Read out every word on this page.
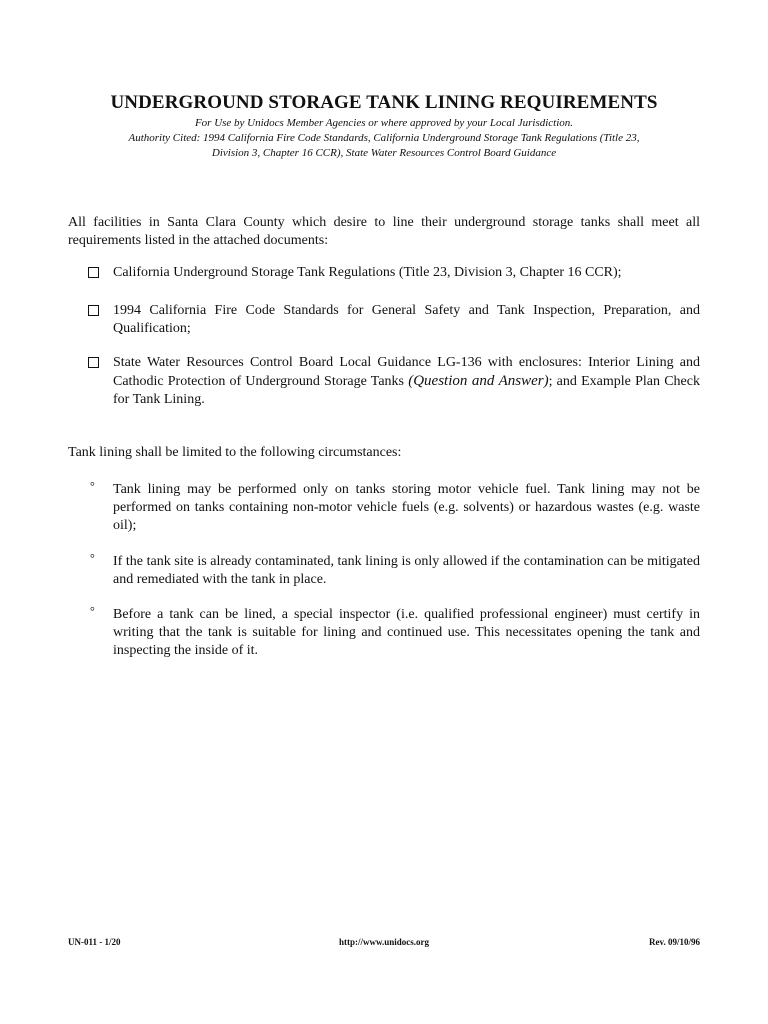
UNDERGROUND STORAGE TANK LINING REQUIREMENTS
For Use by Unidocs Member Agencies or where approved by your Local Jurisdiction.
Authority Cited: 1994 California Fire Code Standards, California Underground Storage Tank Regulations (Title 23,
Division 3, Chapter 16 CCR), State Water Resources Control Board Guidance
All facilities in Santa Clara County which desire to line their underground storage tanks shall meet all requirements listed in the attached documents:
California Underground Storage Tank Regulations (Title 23, Division 3, Chapter 16 CCR);
1994 California Fire Code Standards for General Safety and Tank Inspection, Preparation, and Qualification;
State Water Resources Control Board Local Guidance LG-136 with enclosures: Interior Lining and Cathodic Protection of Underground Storage Tanks (Question and Answer); and Example Plan Check for Tank Lining.
Tank lining shall be limited to the following circumstances:
° Tank lining may be performed only on tanks storing motor vehicle fuel. Tank lining may not be performed on tanks containing non-motor vehicle fuels (e.g. solvents) or hazardous wastes (e.g. waste oil);
° If the tank site is already contaminated, tank lining is only allowed if the contamination can be mitigated and remediated with the tank in place.
° Before a tank can be lined, a special inspector (i.e. qualified professional engineer) must certify in writing that the tank is suitable for lining and continued use. This necessitates opening the tank and inspecting the inside of it.
UN-011 - 1/20	http://www.unidocs.org	Rev. 09/10/96
